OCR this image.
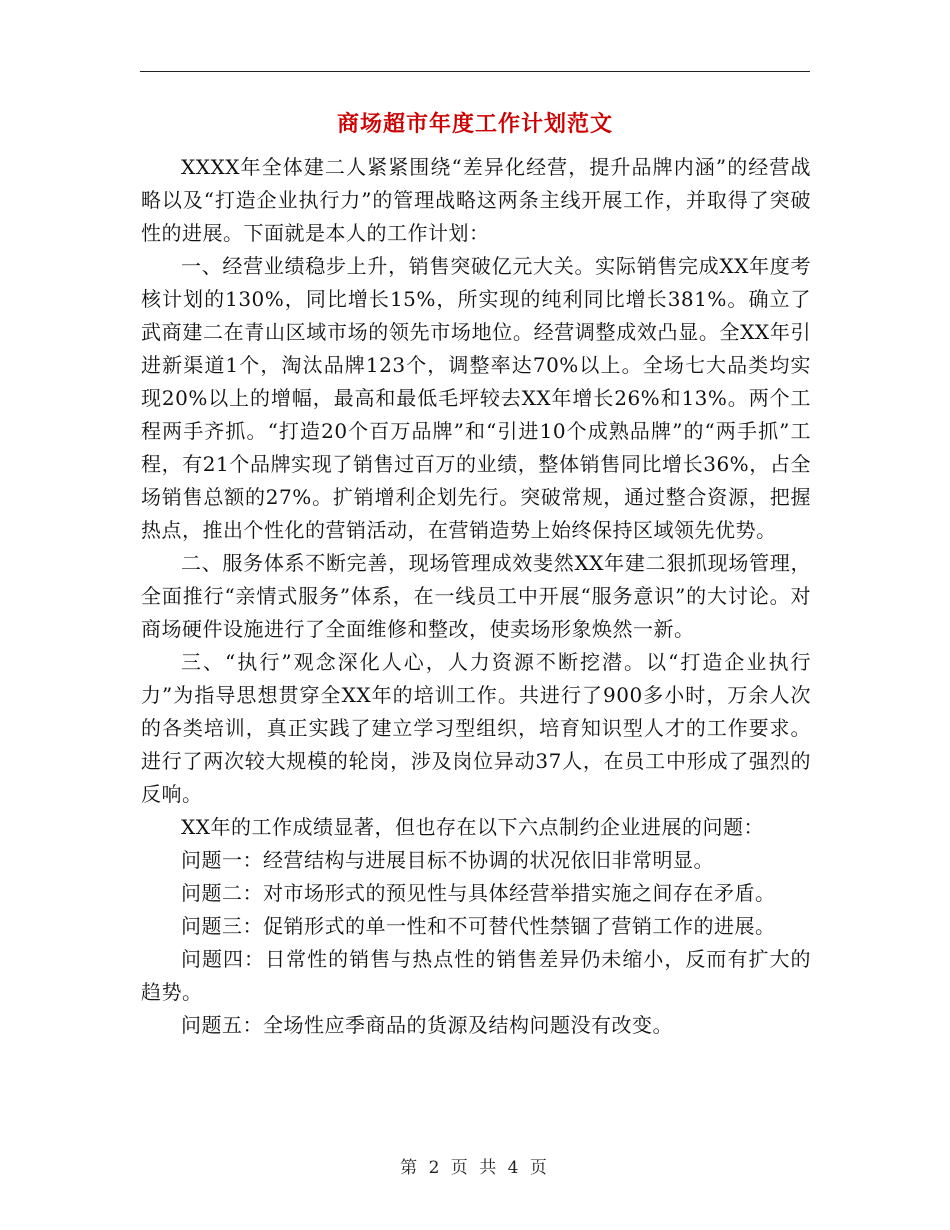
商场超市年度工作计划范文

XXXX年全体建二人紧紧围绕“差异化经营，提升品牌内涵”的经营战略以及“打造企业执行力”的管理战略这两条主线开展工作，并取得了突破性的进展。下面就是本人的工作计划：

一、经营业绩稳步上升，销售突破亿元大关。实际销售完成XX年度考核计划的130%，同比增长15%，所实现的纯利同比增长381%。确立了武商建二在青山区域市场的领先市场地位。经营调整成效凸显。全XX年引进新渠道1个，淘汰品牌123个，调整率达70%以上。全场七大品类均实现20%以上的增幅，最高和最低毛坪较去XX年增长26%和13%。两个工程两手齐抓。“打造20个百万品牌”和“引进10个成熟品牌”的“两手抓”工程，有21个品牌实现了销售过百万的业绩，整体销售同比增长36%，占全场销售总额的27%。扩销增利企划先行。突破常规，通过整合资源，把握热点，推出个性化的营销活动，在营销造势上始终保持区域领先优势。

二、服务体系不断完善，现场管理成效斐然XX年建二狠抓现场管理，全面推行“亲情式服务”体系，在一线员工中开展“服务意识”的大讨论。对商场硬件设施进行了全面维修和整改，使卖场形象焕然一新。

三、“执行”观念深化人心，人力资源不断挖潜。以“打造企业执行力”为指导思想贯穿全XX年的培训工作。共进行了900多小时，万余人次的各类培训，真正实践了建立学习型组织，培育知识型人才的工作要求。进行了两次较大规模的轮岗，涉及岗位异动37人，在员工中形成了强烈的反响。

XX年的工作成绩显著，但也存在以下六点制约企业进展的问题：

问题一：经营结构与进展目标不协调的状况依旧非常明显。

问题二：对市场形式的预见性与具体经营举措实施之间存在矛盾。

问题三：促销形式的单一性和不可替代性禁锢了营销工作的进展。

问题四：日常性的销售与热点性的销售差异仍未缩小，反而有扩大的趋势。

问题五：全场性应季商品的货源及结构问题没有改变。

第 2 页 共 4 页
